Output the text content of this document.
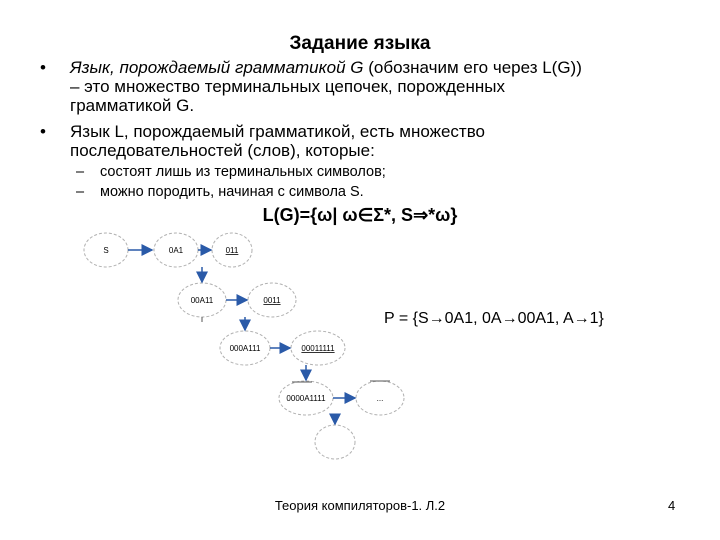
Задание языка
• Язык, порождаемый грамматикой G (обозначим его через L(G))
– это множество терминальных цепочек, порожденных
грамматикой G.
• Язык L, порождаемый грамматикой, есть множество
последовательностей (слов), которые:
– состоят лишь из терминальных символов;
– можно породить, начиная с символа S.
L(G)={ω| ω∈Σ*, S⇒*ω}
P = {S→0A1, 0A→00A1, A→1}
S	0A1	011
00A11	0011
000A111	00011111
0000A1111	...
Теория компиляторов-1. Л.2	4
